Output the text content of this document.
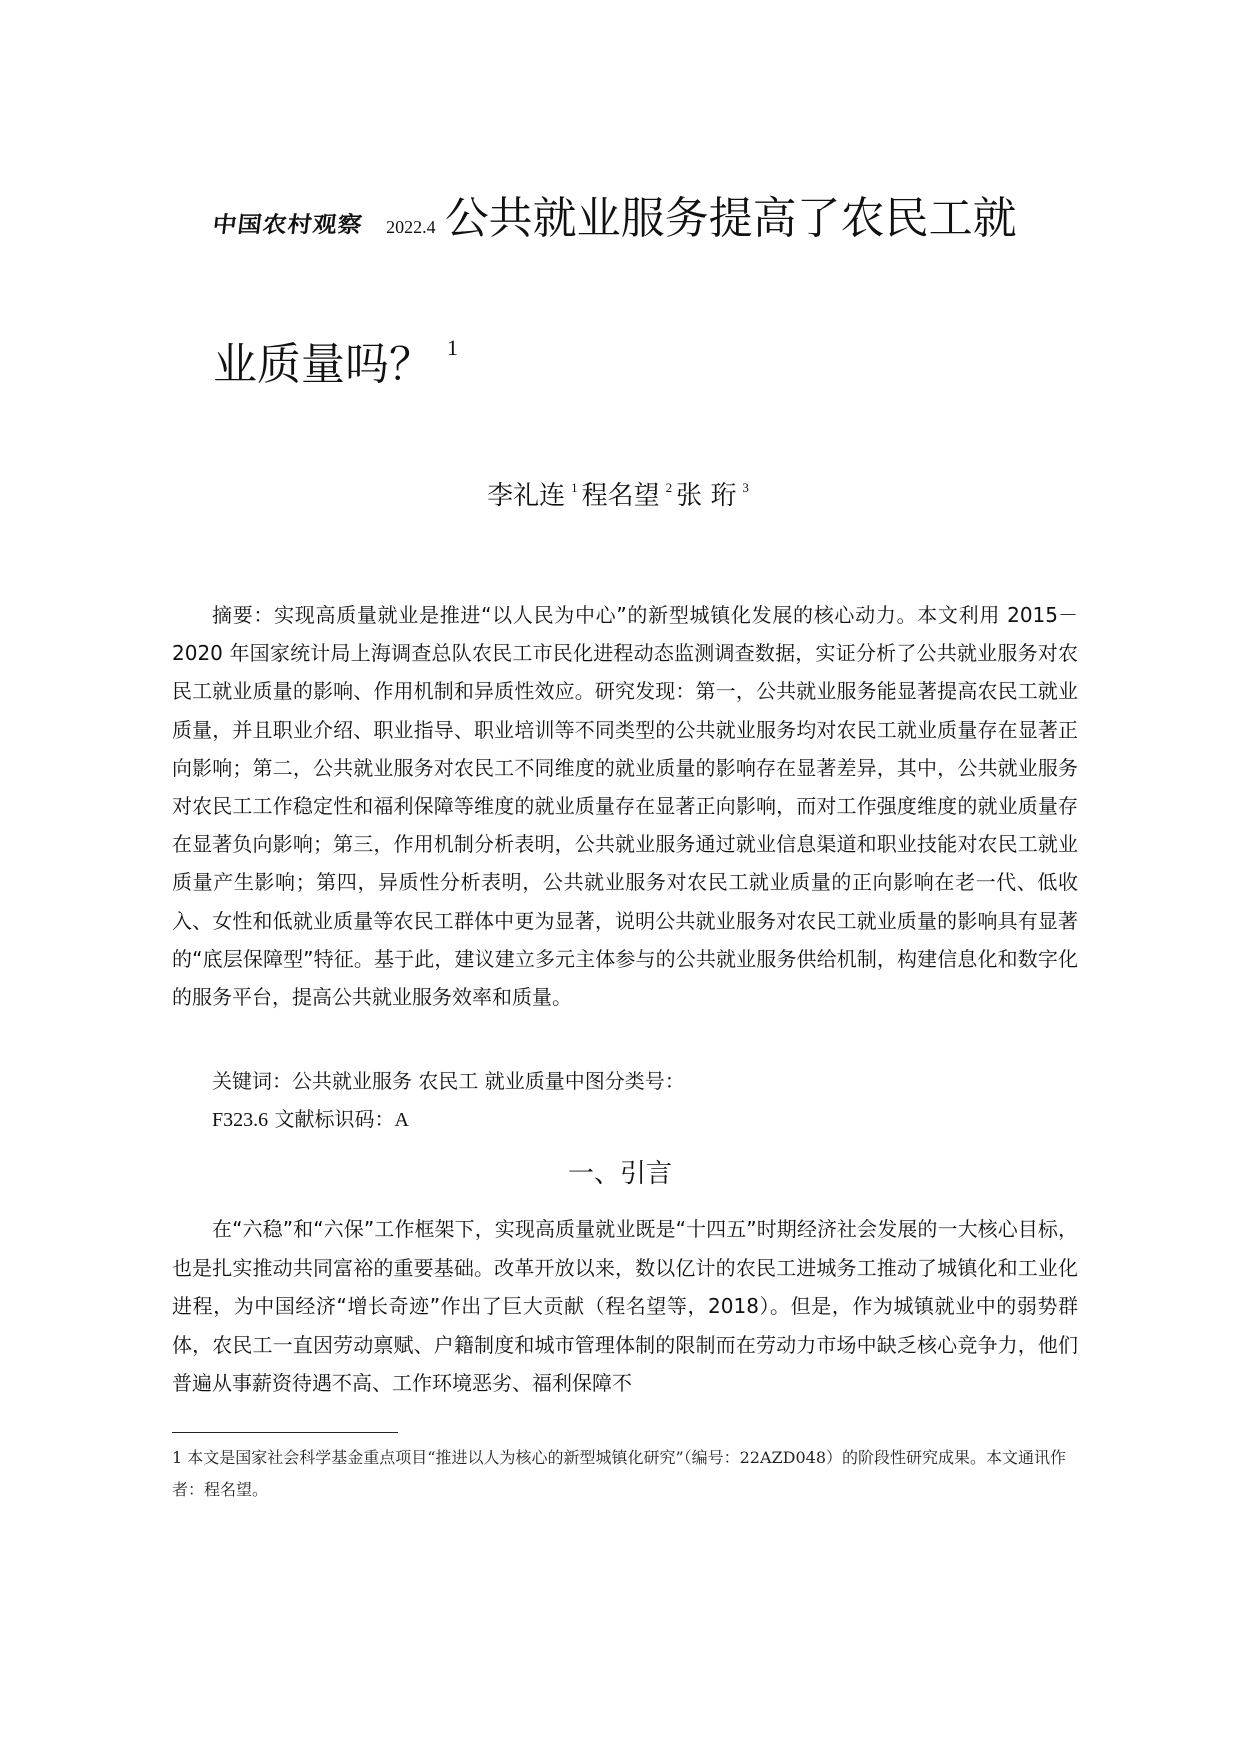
中国农村观察 2022.4 公共就业服务提高了农民工就
业质量吗？ $^1$
李礼连 $^1$ 程名望 $^2$ 张 珩 $^3$

摘要：实现高质量就业是推进“以人民为中心”的新型城镇化发展的核心动力。本文利用 2015－ 2020 年国家统计局上海调查总队农民工市民化进程动态监测调查数据，实证分析了公共就业服务对农民工就业质量的影响、作用机制和异质性效应。研究发现：第一，公共就业服务能显著提高农民工就业质量，并且职业介绍、职业指导、职业培训等不同类型的公共就业服务均对农民工就业质量存在显著正向影响；第二，公共就业服务对农民工不同维度的就业质量的影响存在显著差异，其中，公共就业服务对农民工工作稳定性和福利保障等维度的就业质量存在显著正向影响，而对工作强度维度的就业质量存在显著负向影响；第三，作用机制分析表明，公共就业服务通过就业信息渠道和职业技能对农民工就业质量产生影响；第四，异质性分析表明，公共就业服务对农民工就业质量的正向影响在老一代、低收入、女性和低就业质量等农民工群体中更为显著，说明公共就业服务对农民工就业质量的影响具有显著的“底层保障型”特征。基于此，建议建立多元主体参与的公共就业服务供给机制，构建信息化和数字化的服务平台，提高公共就业服务效率和质量。

关键词：公共就业服务 农民工 就业质量中图分类号：

F323.6 文献标识码：A

一、引言

在“六稳”和“六保”工作框架下，实现高质量就业既是“十四五”时期经济社会发展的一大核心目标，也是扎实推动共同富裕的重要基础。改革开放以来，数以亿计的农民工进城务工推动了城镇化和工业化进程，为中国经济“增长奇迹”作出了巨大贡献（程名望等，2018）。但是，作为城镇就业中的弱势群体，农民工一直因劳动禀赋、户籍制度和城市管理体制的限制而在劳动力市场中缺乏核心竞争力，他们普遍从事薪资待遇不高、工作环境恶劣、福利保障不

1 本文是国家社会科学基金重点项目“推进以人为核心的新型城镇化研究”（编号：22AZD048）的阶段性研究成果。本文通讯作者：程名望。
